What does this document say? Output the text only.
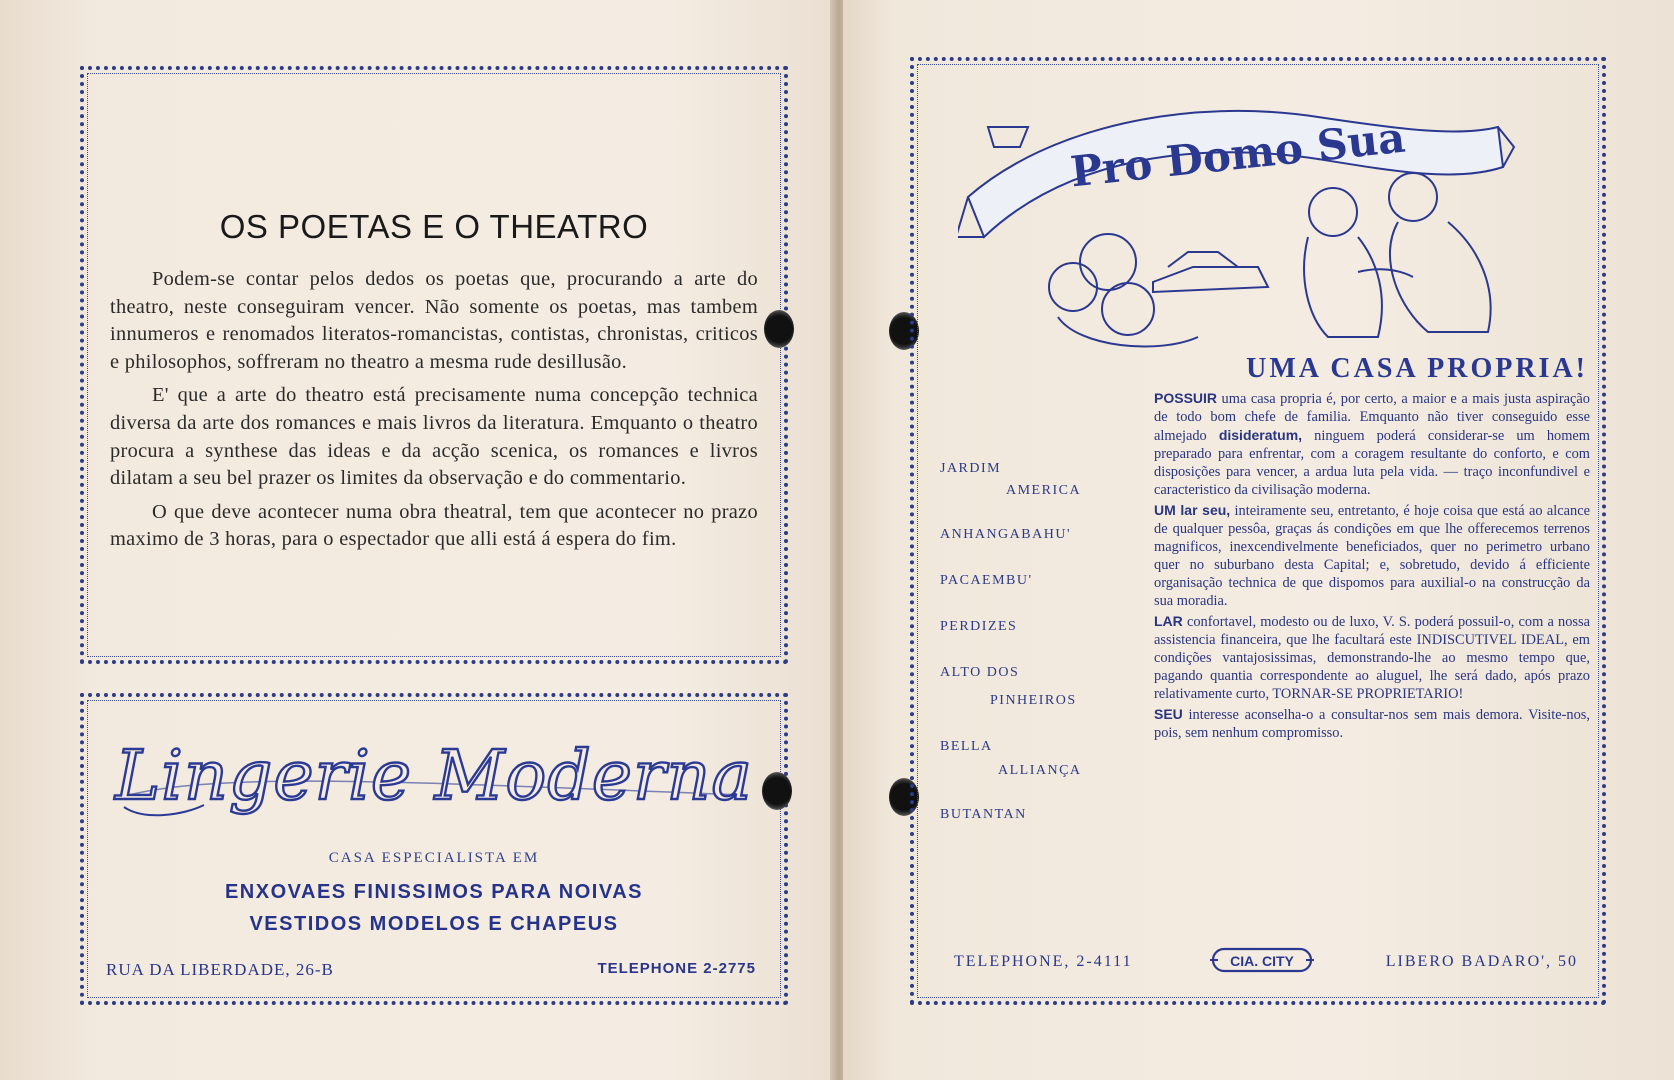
OS POETAS E O THEATRO

Podem-se contar pelos dedos os poetas que, procurando a arte do theatro, neste conseguiram vencer. Não somente os poetas, mas tambem innumeros e renomados literatos-romancistas, contistas, chronistas, criticos e philosophos, soffreram no theatro a mesma rude desillusão.

E' que a arte do theatro está precisamente numa concepção technica diversa da arte dos romances e mais livros da literatura. Emquanto o theatro procura a synthese das ideas e da acção scenica, os romances e livros dilatam a seu bel prazer os limites da observação e do commentario.

O que deve acontecer numa obra theatral, tem que acontecer no prazo maximo de 3 horas, para o espectador que alli está á espera do fim.

Lingerie Moderna
CASA ESPECIALISTA EM
ENXOVAES FINISSIMOS PARA NOIVAS
VESTIDOS MODELOS E CHAPEUS
RUA DA LIBERDADE, 26-B	TELEPHONE 2-2775
Pro Domo Sua
UMA CASA PROPRIA!
JARDIM
AMERICA
ANHANGABAHU'
PACAEMBU'
PERDIZES
ALTO DOS
PINHEIROS
BELLA
ALLIANÇA
BUTANTAN

POSSUIR uma casa propria é, por certo, a maior e a mais justa aspiração de todo bom chefe de familia. Emquanto não tiver conseguido esse almejado disideratum, ninguem poderá considerar-se um homem preparado para enfrentar, com a coragem resultante do conforto, e com disposições para vencer, a ardua luta pela vida. — traço inconfundivel e caracteristico da civilisação moderna.

UM lar seu, inteiramente seu, entretanto, é hoje coisa que está ao alcance de qualquer pessôa, graças ás condições em que lhe offerecemos terrenos magnificos, inexcendivelmente beneficiados, quer no perimetro urbano quer no suburbano desta Capital; e, sobretudo, devido á efficiente organisação technica de que dispomos para auxilial-o na construcção da sua moradia.

LAR confortavel, modesto ou de luxo, V. S. poderá possuil-o, com a nossa assistencia financeira, que lhe facultará este INDISCUTIVEL IDEAL, em condições vantajosissimas, demonstrando-lhe ao mesmo tempo que, pagando quantia correspondente ao aluguel, lhe será dado, após prazo relativamente curto, TORNAR-SE PROPRIETARIO!

SEU interesse aconselha-o a consultar-nos sem mais demora. Visite-nos, pois, sem nenhum compromisso.

TELEPHONE, 2-4111	CIA. CITY	LIBERO BADARO', 50
